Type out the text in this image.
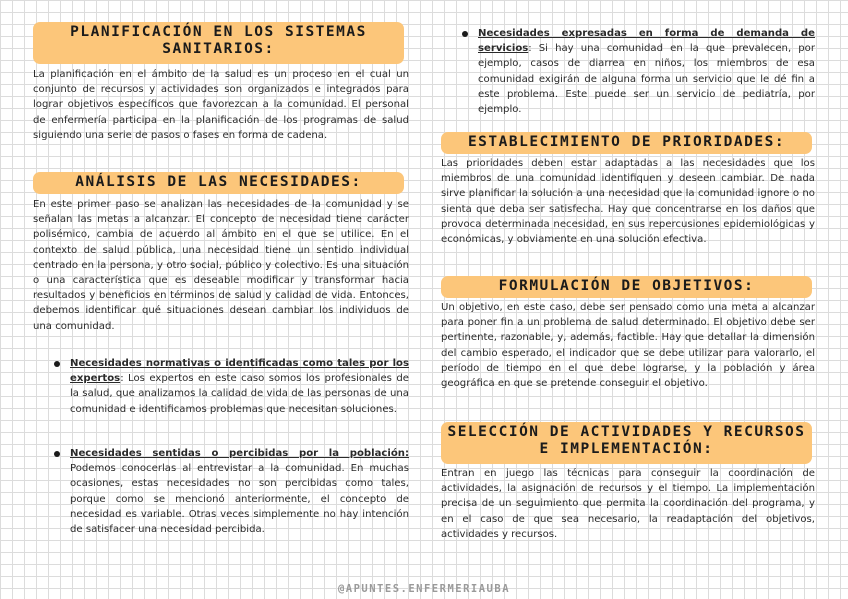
PLANIFICACIÓN EN LOS SISTEMAS SANITARIOS:

La planificación en el ámbito de la salud es un proceso en el cual un conjunto de recursos y actividades son organizados e integrados para lograr objetivos específicos que favorezcan a la comunidad. El personal de enfermería participa en la planificación de los programas de salud siguiendo una serie de pasos o fases en forma de cadena.

ANÁLISIS DE LAS NECESIDADES:

En este primer paso se analizan las necesidades de la comunidad y se señalan las metas a alcanzar. El concepto de necesidad tiene carácter polisémico, cambia de acuerdo al ámbito en el que se utilice. En el contexto de salud pública, una necesidad tiene un sentido individual centrado en la persona, y otro social, público y colectivo. Es una situación o una característica que es deseable modificar y transformar hacia resultados y beneficios en términos de salud y calidad de vida. Entonces, debemos identificar qué situaciones desean cambiar los individuos de una comunidad.

Necesidades normativas o identificadas como tales por los expertos: Los expertos en este caso somos los profesionales de la salud, que analizamos la calidad de vida de las personas de una comunidad e identificamos problemas que necesitan soluciones.
Necesidades sentidas o percibidas por la población: Podemos conocerlas al entrevistar a la comunidad. En muchas ocasiones, estas necesidades no son percibidas como tales, porque como se mencionó anteriormente, el concepto de necesidad es variable. Otras veces simplemente no hay intención de satisfacer una necesidad percibida.
Necesidades expresadas en forma de demanda de servicios: Si hay una comunidad en la que prevalecen, por ejemplo, casos de diarrea en niños, los miembros de esa comunidad exigirán de alguna forma un servicio que le dé fin a este problema. Este puede ser un servicio de pediatría, por ejemplo.
ESTABLECIMIENTO DE PRIORIDADES:

Las prioridades deben estar adaptadas a las necesidades que los miembros de una comunidad identifiquen y deseen cambiar. De nada sirve planificar la solución a una necesidad que la comunidad ignore o no sienta que deba ser satisfecha. Hay que concentrarse en los daños que provoca determinada necesidad, en sus repercusiones epidemiológicas y económicas, y obviamente en una solución efectiva.

FORMULACIÓN DE OBJETIVOS:

Un objetivo, en este caso, debe ser pensado como una meta a alcanzar para poner fin a un problema de salud determinado. El objetivo debe ser pertinente, razonable, y, además, factible. Hay que detallar la dimensión del cambio esperado, el indicador que se debe utilizar para valorarlo, el período de tiempo en el que debe lograrse, y la población y área geográfica en que se pretende conseguir el objetivo.

SELECCIÓN DE ACTIVIDADES Y RECURSOS E IMPLEMENTACIÓN:

Entran en juego las técnicas para conseguir la coordinación de actividades, la asignación de recursos y el tiempo. La implementación precisa de un seguimiento que permita la coordinación del programa, y en el caso de que sea necesario, la readaptación del objetivos, actividades y recursos.

@APUNTES.ENFERMERIAUBA
